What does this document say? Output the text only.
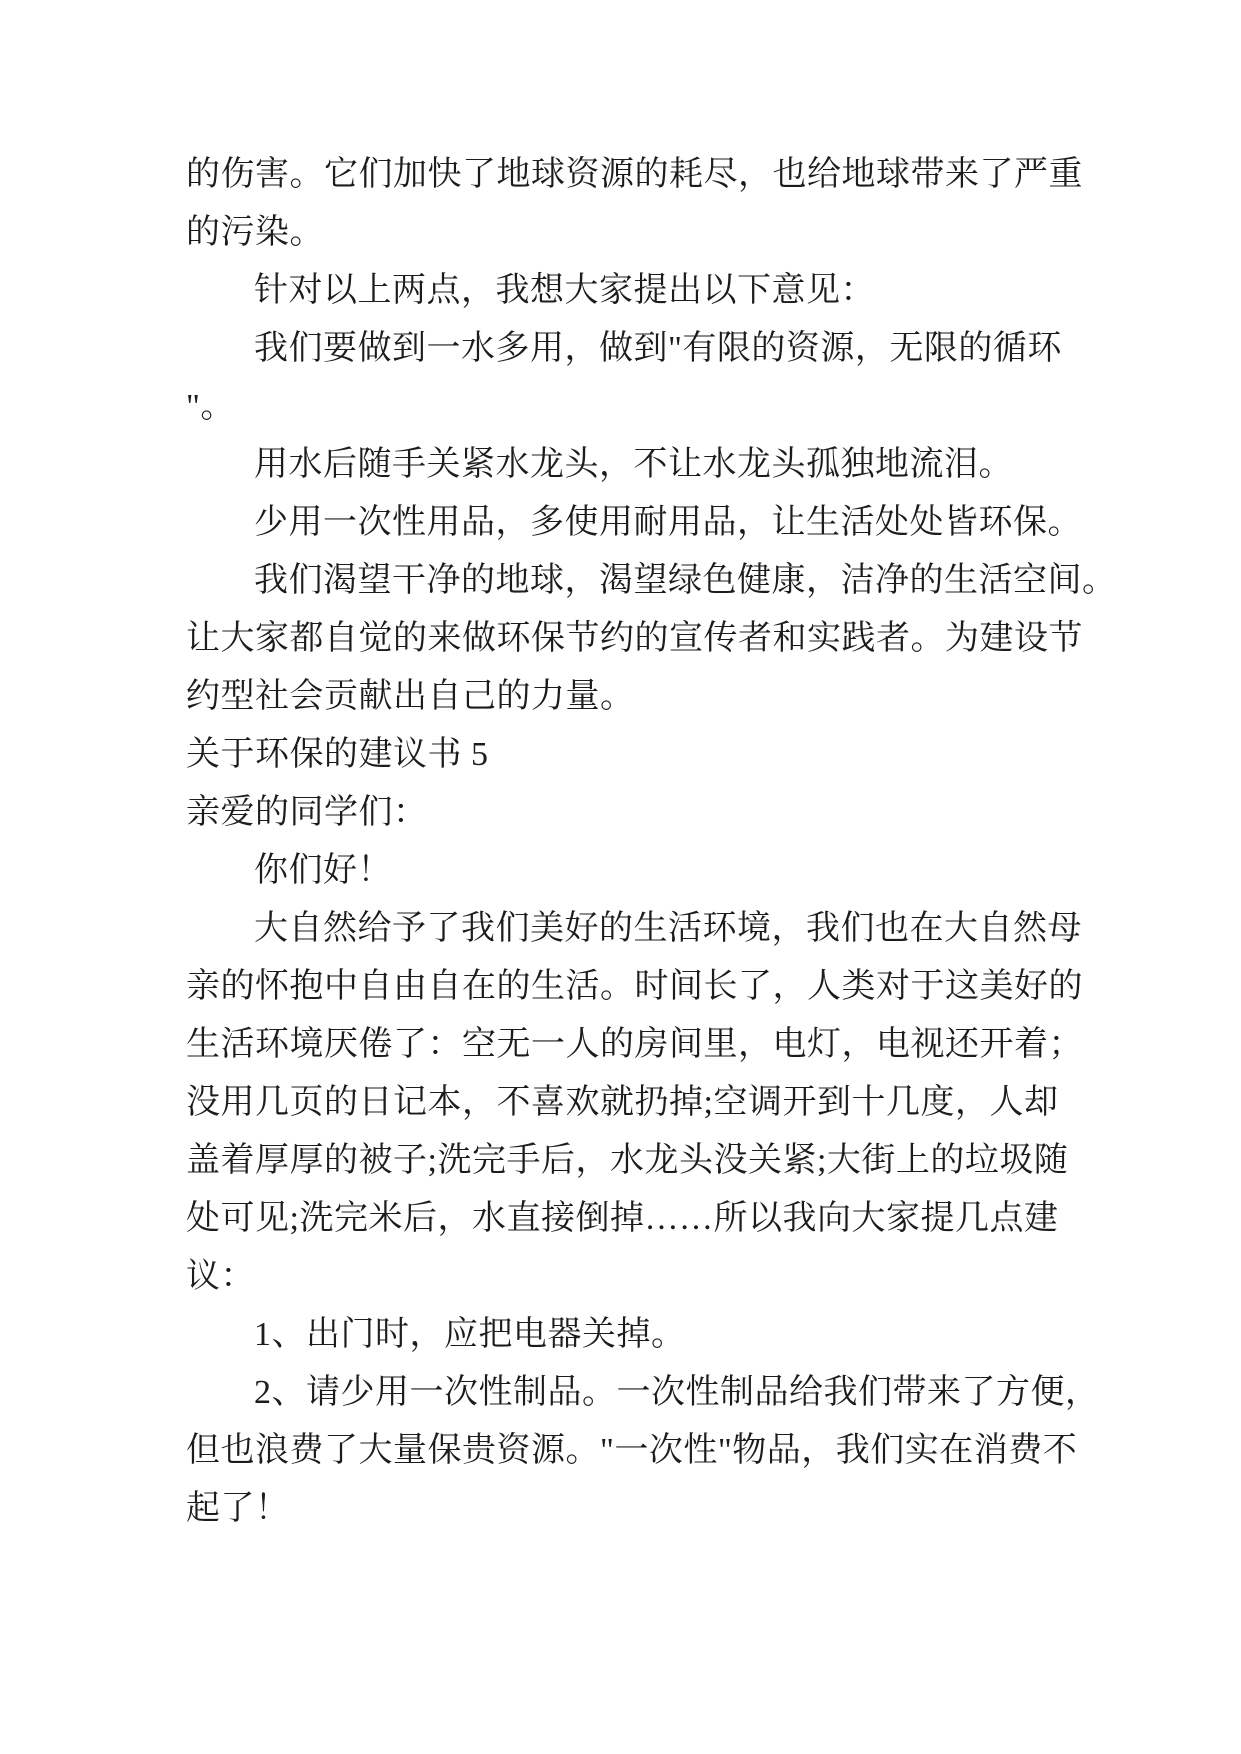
的伤害。它们加快了地球资源的耗尽，也给地球带来了严重
的污染。
针对以上两点，我想大家提出以下意见：
我们要做到一水多用，做到"有限的资源，无限的循环
"。
用水后随手关紧水龙头，不让水龙头孤独地流泪。
少用一次性用品，多使用耐用品，让生活处处皆环保。
我们渴望干净的地球，渴望绿色健康，洁净的生活空间。
让大家都自觉的来做环保节约的宣传者和实践者。为建设节
约型社会贡献出自己的力量。
关于环保的建议书 5
亲爱的同学们：
你们好！
大自然给予了我们美好的生活环境，我们也在大自然母
亲的怀抱中自由自在的生活。时间长了，人类对于这美好的
生活环境厌倦了：空无一人的房间里，电灯，电视还开着；
没用几页的日记本，不喜欢就扔掉;空调开到十几度，人却
盖着厚厚的被子;洗完手后，水龙头没关紧;大街上的垃圾随
处可见;洗完米后，水直接倒掉……所以我向大家提几点建
议：
1、出门时，应把电器关掉。
2、请少用一次性制品。一次性制品给我们带来了方便，
但也浪费了大量保贵资源。"一次性"物品，我们实在消费不
起了！
